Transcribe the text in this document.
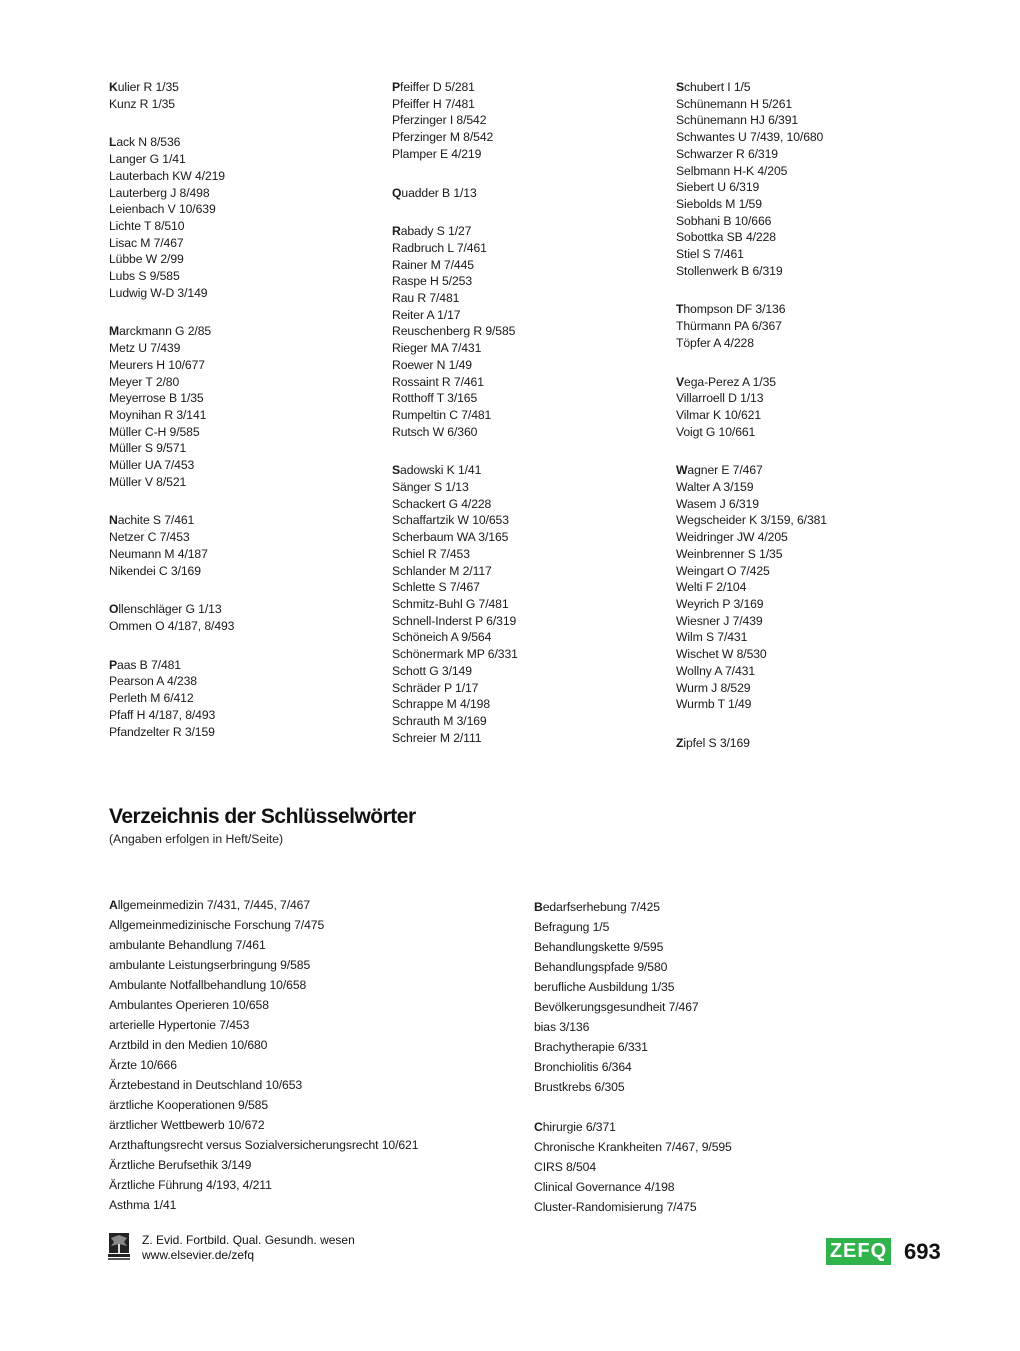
Kulier R 1/35
Kunz R 1/35
Lack N 8/536
Langer G 1/41
Lauterbach KW 4/219
Lauterberg J 8/498
Leienbach V 10/639
Lichte T 8/510
Lisac M 7/467
Lübbe W 2/99
Lubs S 9/585
Ludwig W-D 3/149
Marckmann G 2/85
Metz U 7/439
Meurers H 10/677
Meyer T 2/80
Meyerrose B 1/35
Moynihan R 3/141
Müller C-H 9/585
Müller S 9/571
Müller UA 7/453
Müller V 8/521
Nachite S 7/461
Netzer C 7/453
Neumann M 4/187
Nikendei C 3/169
Ollenschläger G 1/13
Ommen O 4/187, 8/493
Paas B 7/481
Pearson A 4/238
Perleth M 6/412
Pfaff H 4/187, 8/493
Pfandzelter R 3/159
Pfeiffer D 5/281
Pfeiffer H 7/481
Pferzinger I 8/542
Pferzinger M 8/542
Plamper E 4/219
Quadder B 1/13
Rabady S 1/27
Radbruch L 7/461
Rainer M 7/445
Raspe H 5/253
Rau R 7/481
Reiter A 1/17
Reuschenberg R 9/585
Rieger MA 7/431
Roewer N 1/49
Rossaint R 7/461
Rotthoff T 3/165
Rumpeltin C 7/481
Rutsch W 6/360
Sadowski K 1/41
Sänger S 1/13
Schackert G 4/228
Schaffartzik W 10/653
Scherbaum WA 3/165
Schiel R 7/453
Schlander M 2/117
Schlette S 7/467
Schmitz-Buhl G 7/481
Schnell-Inderst P 6/319
Schöneich A 9/564
Schönermark MP 6/331
Schott G 3/149
Schräder P 1/17
Schrappe M 4/198
Schrauth M 3/169
Schreier M 2/111
Schubert I 1/5
Schünemann H 5/261
Schünemann HJ 6/391
Schwantes U 7/439, 10/680
Schwarzer R 6/319
Selbmann H-K 4/205
Siebert U 6/319
Siebolds M 1/59
Sobhani B 10/666
Sobottka SB 4/228
Stiel S 7/461
Stollenwerk B 6/319
Thompson DF 3/136
Thürmann PA 6/367
Töpfer A 4/228
Vega-Perez A 1/35
Villarroell D 1/13
Vilmar K 10/621
Voigt G 10/661
Wagner E 7/467
Walter A 3/159
Wasem J 6/319
Wegscheider K 3/159, 6/381
Weidringer JW 4/205
Weinbrenner S 1/35
Weingart O 7/425
Welti F 2/104
Weyrich P 3/169
Wiesner J 7/439
Wilm S 7/431
Wischet W 8/530
Wollny A 7/431
Wurm J 8/529
Wurmb T 1/49
Zipfel S 3/169
Verzeichnis der Schlüsselwörter
(Angaben erfolgen in Heft/Seite)
Allgemeinmedizin 7/431, 7/445, 7/467
Allgemeinmedizinische Forschung 7/475
ambulante Behandlung 7/461
ambulante Leistungserbringung 9/585
Ambulante Notfallbehandlung 10/658
Ambulantes Operieren 10/658
arterielle Hypertonie 7/453
Arztbild in den Medien 10/680
Ärzte 10/666
Ärztebestand in Deutschland 10/653
ärztliche Kooperationen 9/585
ärztlicher Wettbewerb 10/672
Arzthaftungsrecht versus Sozialversicherungsrecht 10/621
Ärztliche Berufsethik 3/149
Ärztliche Führung 4/193, 4/211
Asthma 1/41
Bedarfserhebung 7/425
Befragung 1/5
Behandlungskette 9/595
Behandlungspfade 9/580
berufliche Ausbildung 1/35
Bevölkerungsgesundheit 7/467
bias 3/136
Brachytherapie 6/331
Bronchiolitis 6/364
Brustkrebs 6/305
Chirurgie 6/371
Chronische Krankheiten 7/467, 9/595
CIRS 8/504
Clinical Governance 4/198
Cluster-Randomisierung 7/475
Z. Evid. Fortbild. Qual. Gesundh. wesen
www.elsevier.de/zefq	ZEFQ 693
